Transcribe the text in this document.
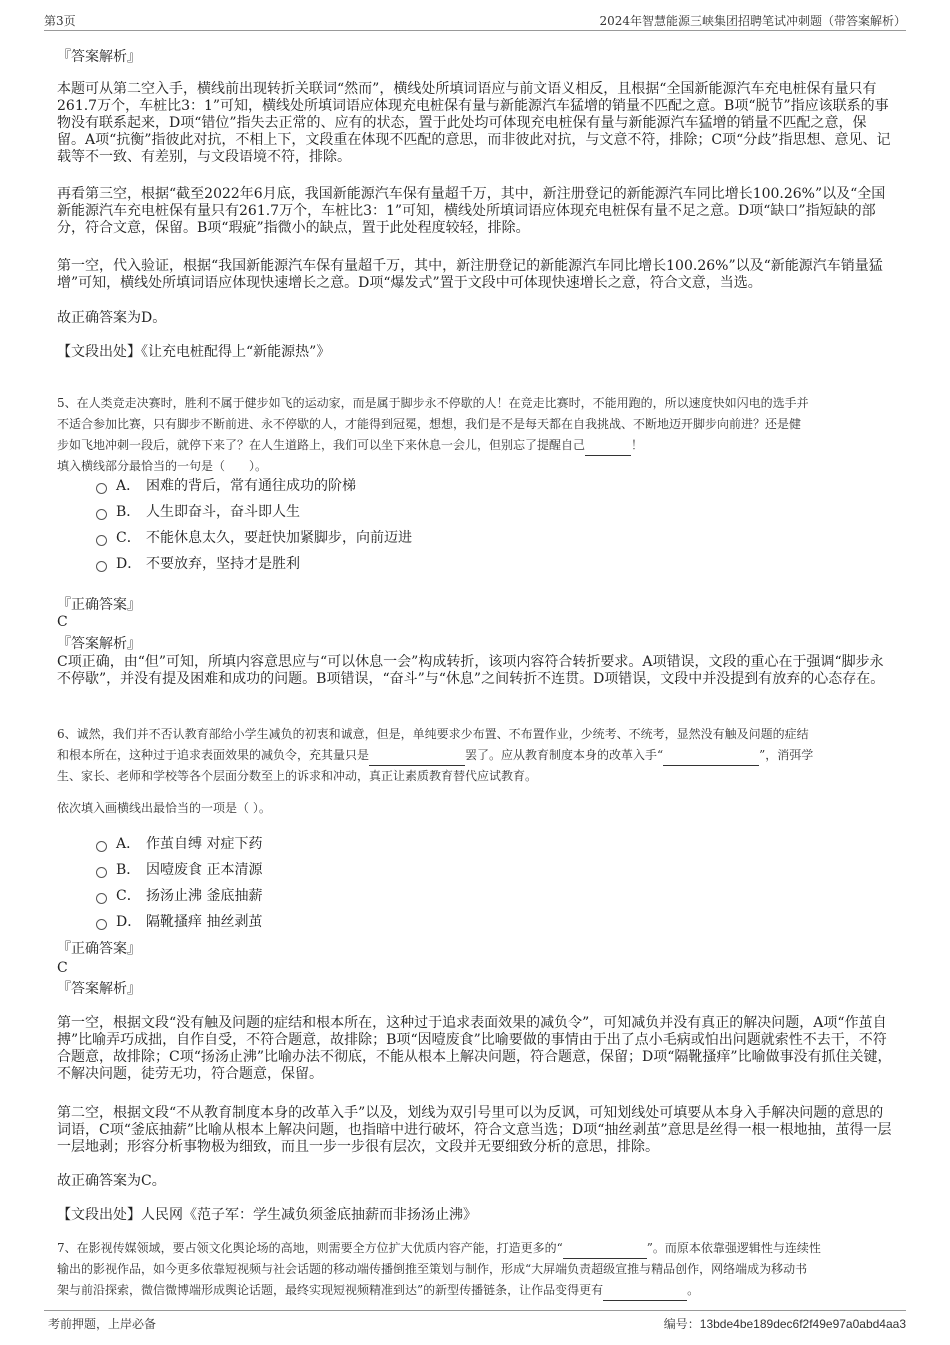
第3页	2024年智慧能源三峡集团招聘笔试冲刺题（带答案解析）
『答案解析』
本题可从第二空入手，横线前出现转折关联词“然而”，横线处所填词语应与前文语义相反，且根据“全国新能源汽车充电桩保有量只有261.7万个，车桩比3：1”可知，横线处所填词语应体现充电桩保有量与新能源汽车猛增的销量不匹配之意。B项“脱节”指应该联系的事物没有联系起来，D项“错位”指失去正常的、应有的状态，置于此处均可体现充电桩保有量与新能源汽车猛增的销量不匹配之意，保留。A项“抗衡”指彼此对抗，不相上下，文段重在体现不匹配的意思，而非彼此对抗，与文意不符，排除；C项“分歧”指思想、意见、记载等不一致、有差别，与文段语境不符，排除。
再看第三空，根据“截至2022年6月底，我国新能源汽车保有量超千万，其中，新注册登记的新能源汽车同比增长100.26%”以及“全国新能源汽车充电桩保有量只有261.7万个，车桩比3：1”可知，横线处所填词语应体现充电桩保有量不足之意。D项“缺口”指短缺的部分，符合文意，保留。B项“瑕疵”指微小的缺点，置于此处程度较轻，排除。
第一空，代入验证，根据“我国新能源汽车保有量超千万，其中，新注册登记的新能源汽车同比增长100.26%”以及“新能源汽车销量猛增”可知，横线处所填词语应体现快速增长之意。D项“爆发式”置于文段中可体现快速增长之意，符合文意，当选。
故正确答案为D。
【文段出处】《让充电桩配得上“新能源热”》
5、在人类竞走决赛时，胜利不属于健步如飞的运动家，而是属于脚步永不停歇的人！在竞走比赛时，不能用跑的，所以速度快如闪电的选手并
不适合参加比赛，只有脚步不断前进、永不停歇的人，才能得到冠冕，想想，我们是不是每天都在自我挑战、不断地迈开脚步向前进？还是健
步如飞地冲刺一段后，就停下来了？在人生道路上，我们可以坐下来休息一会儿，但别忘了提醒自己	！
填入横线部分最恰当的一句是（　　）。
A． 困难的背后，常有通往成功的阶梯
B． 人生即奋斗，奋斗即人生
C． 不能休息太久，要赶快加紧脚步，向前迈进
D． 不要放弃，坚持才是胜利
『正确答案』
C
『答案解析』
C项正确，由“但”可知，所填内容意思应与“可以休息一会”构成转折，该项内容符合转折要求。A项错误，文段的重心在于强调“脚步永不停歇”，并没有提及困难和成功的问题。B项错误，“奋斗”与“休息”之间转折不连贯。D项错误，文段中并没提到有放弃的心态存在。
6、诚然，我们并不否认教育部给小学生减负的初衷和诚意，但是，单纯要求少布置、不布置作业，少统考、不统考，显然没有触及问题的症结
和根本所在，这种过于追求表面效果的减负令，充其量只是	罢了。应从教育制度本身的改革入手“	”，消弭学
生、家长、老师和学校等各个层面分数至上的诉求和冲动，真正让素质教育替代应试教育。
依次填入画横线出最恰当的一项是（ ）。
A． 作茧自缚 对症下药
B． 因噎废食 正本清源
C． 扬汤止沸 釜底抽薪
D． 隔靴搔痒 抽丝剥茧
『正确答案』
C
『答案解析』
第一空，根据文段“没有触及问题的症结和根本所在，这种过于追求表面效果的减负令”，可知减负并没有真正的解决问题，A项“作茧自搏”比喻弄巧成拙，自作自受，不符合题意，故排除；B项“因噎废食”比喻要做的事情由于出了点小毛病或怕出问题就索性不去干，不符合题意，故排除；C项“扬汤止沸”比喻办法不彻底，不能从根本上解决问题，符合题意，保留；D项“隔靴搔痒”比喻做事没有抓住关键，不解决问题，徒劳无功，符合题意，保留。
第二空，根据文段“不从教育制度本身的改革入手”以及，划线为双引号里可以为反讽，可知划线处可填要从本身入手解决问题的意思的词语，C项“釜底抽薪”比喻从根本上解决问题，也指暗中进行破坏，符合文意当选；D项“抽丝剥茧”意思是丝得一根一根地抽，茧得一层一层地剥；形容分析事物极为细致，而且一步一步很有层次，文段并无要细致分析的意思，排除。
故正确答案为C。
【文段出处】人民网《范子军：学生减负须釜底抽薪而非扬汤止沸》
7、在影视传媒领域，要占领文化舆论场的高地，则需要全方位扩大优质内容产能，打造更多的“	”。而原本依靠强逻辑性与连续性
输出的影视作品，如今更多依靠短视频与社会话题的移动端传播倒推至策划与制作，形成“大屏端负责超级宣推与精品创作，网络端成为移动书
架与前沿探索，微信微博端形成舆论话题，最终实现短视频精准到达”的新型传播链条，让作品变得更有	。
考前押题，上岸必备	编号：13bde4be189dec6f2f49e97a0abd4aa3
